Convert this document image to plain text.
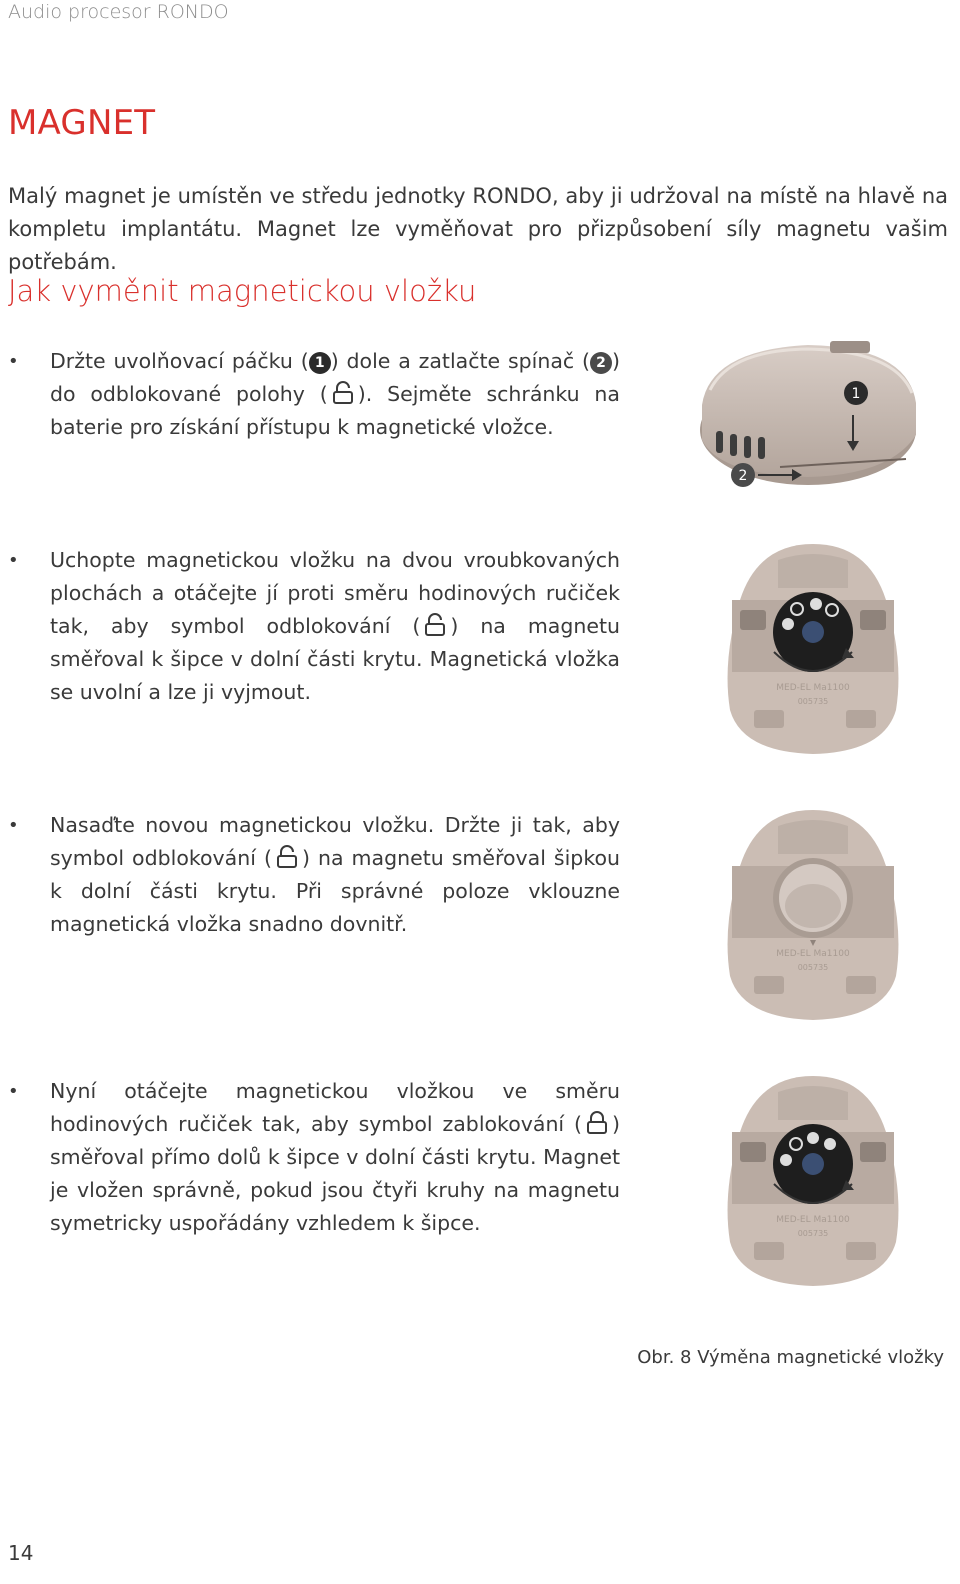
Audio procesor RONDO
MAGNET
Malý magnet je umístěn ve středu jednotky RONDO, aby ji udržoval na místě na hlavě na kompletu implantátu. Magnet lze vyměňovat pro přizpůsobení síly magnetu vašim potřebám.
Jak vyměnit magnetickou vložku
• Držte uvolňovací páčku ( 1 ) dole a zatlačte spínač ( 2 ) do odblokované polohy ( ). Sejměte schránku na baterie pro získání přístupu k magnetické vložce.
• Uchopte magnetickou vložku na dvou vroubkovaných plochách a otáčejte jí proti směru hodinových ručiček tak, aby symbol odblokování ( ) na magnetu směřoval k šipce v dolní části krytu. Magnetická vložka se uvolní a lze ji vyjmout.
• Nasaďte novou magnetickou vložku. Držte ji tak, aby symbol odblokování ( ) na magnetu směřoval šipkou k dolní části krytu. Při správné poloze vklouzne magnetická vložka snadno dovnitř.
• Nyní otáčejte magnetickou vložkou ve směru hodinových ručiček tak, aby symbol zablokování ( ) směřoval přímo dolů k šipce v dolní části krytu. Magnet je vložen správně, pokud jsou čtyři kruhy na magnetu symetricky uspořádány vzhledem k šipce.
1
2
MED-EL Ma1100
005735
MED-EL Ma1100
005735
MED-EL Ma1100
005735
Obr. 8 Výměna magnetické vložky
14
